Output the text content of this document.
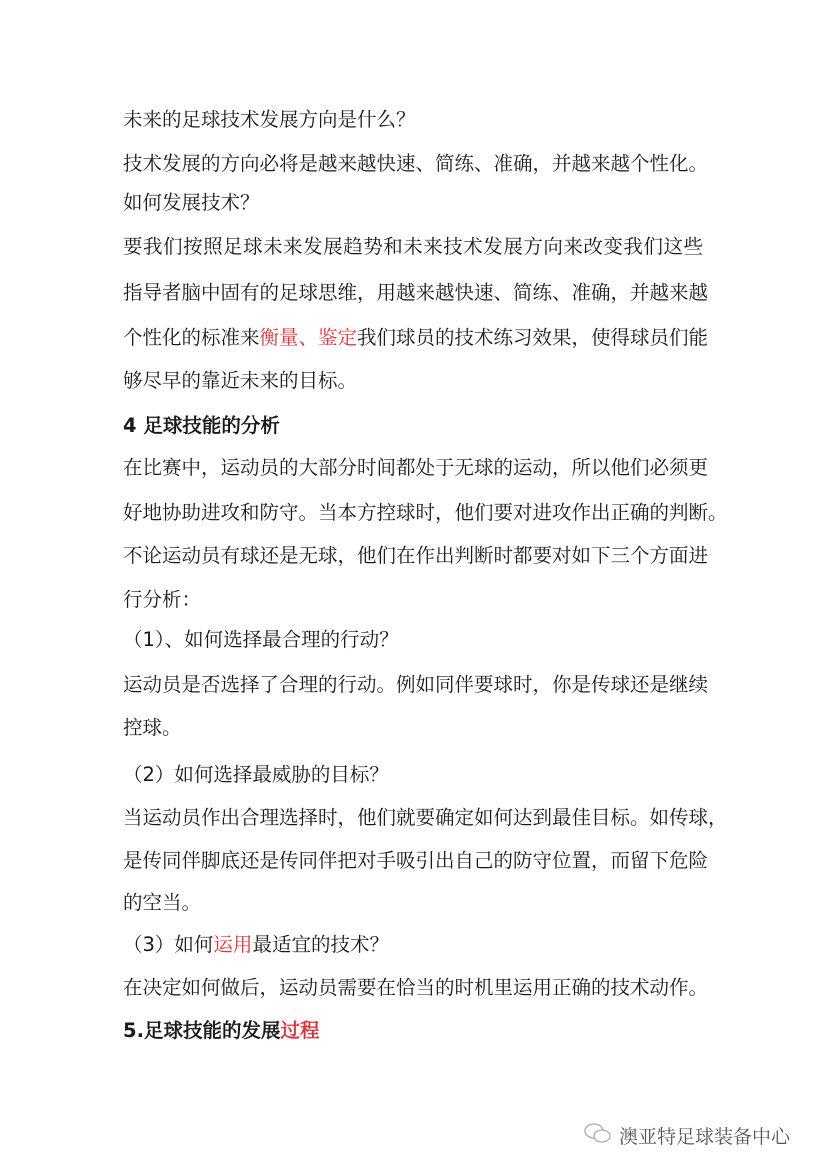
未来的足球技术发展方向是什么？
技术发展的方向必将是越来越快速、简练、准确，并越来越个性化。
如何发展技术？
要我们按照足球未来发展趋势和未来技术发展方向来改变我们这些
指导者脑中固有的足球思维，用越来越快速、简练、准确，并越来越
个性化的标准来衡量、鉴定我们球员的技术练习效果，使得球员们能
够尽早的靠近未来的目标。
4 足球技能的分析
在比赛中，运动员的大部分时间都处于无球的运动，所以他们必须更
好地协助进攻和防守。当本方控球时，他们要对进攻作出正确的判断。
不论运动员有球还是无球，他们在作出判断时都要对如下三个方面进
行分析：
（1）、如何选择最合理的行动？
运动员是否选择了合理的行动。例如同伴要球时，你是传球还是继续
控球。
（2）如何选择最威胁的目标？
当运动员作出合理选择时，他们就要确定如何达到最佳目标。如传球，
是传同伴脚底还是传同伴把对手吸引出自己的防守位置，而留下危险
的空当。
（3）如何运用最适宜的技术？
在决定如何做后，运动员需要在恰当的时机里运用正确的技术动作。
5.足球技能的发展过程
澳亚特足球装备中心
